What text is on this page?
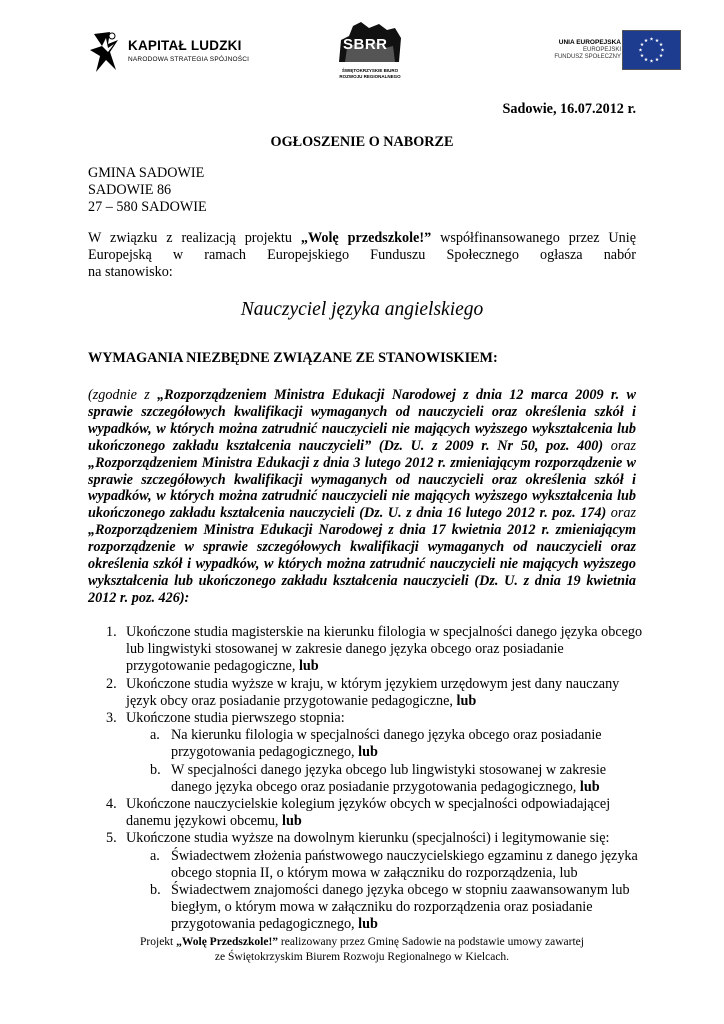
KAPITAŁ LUDZKI
NARODOWA STRATEGIA SPÓJNOŚCI
SBRR
ŚWIĘTOKRZYSKIE BIURO
ROZWOJU REGIONALNEGO
UNIA EUROPEJSKA
EUROPEJSKI
FUNDUSZ SPOŁECZNY
Sadowie, 16.07.2012 r.
OGŁOSZENIE O NABORZE
GMINA SADOWIE
SADOWIE 86
27 – 580 SADOWIE
W związku z realizacją projektu „Wolę przedszkole!” współfinansowanego przez Unię Europejską w ramach Europejskiego Funduszu Społecznego ogłasza nabór
na stanowisko:
Nauczyciel języka angielskiego
WYMAGANIA NIEZBĘDNE ZWIĄZANE ZE STANOWISKIEM:
(zgodnie z „Rozporządzeniem Ministra Edukacji Narodowej z dnia 12 marca 2009 r. w sprawie szczegółowych kwalifikacji wymaganych od nauczycieli oraz określenia szkół i wypadków, w których można zatrudnić nauczycieli nie mających wyższego wykształcenia lub ukończonego zakładu kształcenia nauczycieli” (Dz. U. z 2009 r. Nr 50, poz. 400) oraz „Rozporządzeniem Ministra Edukacji z dnia 3 lutego 2012 r. zmieniającym rozporządzenie w sprawie szczegółowych kwalifikacji wymaganych od nauczycieli oraz określenia szkół i wypadków, w których można zatrudnić nauczycieli nie mających wyższego wykształcenia lub ukończonego zakładu kształcenia nauczycieli (Dz. U. z dnia 16 lutego 2012 r. poz. 174) oraz „Rozporządzeniem Ministra Edukacji Narodowej z dnia 17 kwietnia 2012 r. zmieniającym rozporządzenie w sprawie szczegółowych kwalifikacji wymaganych od nauczycieli oraz określenia szkół i wypadków, w których można zatrudnić nauczycieli nie mających wyższego wykształcenia lub ukończonego zakładu kształcenia nauczycieli (Dz. U. z dnia 19 kwietnia 2012 r. poz. 426):
1. Ukończone studia magisterskie na kierunku filologia w specjalności danego języka obcego lub lingwistyki stosowanej w zakresie danego języka obcego oraz posiadanie przygotowanie pedagogiczne, lub
2. Ukończone studia wyższe w kraju, w którym językiem urzędowym jest dany nauczany język obcy oraz posiadanie przygotowanie pedagogiczne, lub
3. Ukończone studia pierwszego stopnia:
a. Na kierunku filologia w specjalności danego języka obcego oraz posiadanie przygotowania pedagogicznego, lub
b. W specjalności danego języka obcego lub lingwistyki stosowanej w zakresie danego języka obcego oraz posiadanie przygotowania pedagogicznego, lub
4. Ukończone nauczycielskie kolegium języków obcych w specjalności odpowiadającej danemu językowi obcemu, lub
5. Ukończone studia wyższe na dowolnym kierunku (specjalności) i legitymowanie się:
a. Świadectwem złożenia państwowego nauczycielskiego egzaminu z danego języka obcego stopnia II, o którym mowa w załączniku do rozporządzenia, lub
b. Świadectwem znajomości danego języka obcego w stopniu zaawansowanym lub biegłym, o którym mowa w załączniku do rozporządzenia oraz posiadanie przygotowania pedagogicznego, lub
Projekt „Wolę Przedszkole!” realizowany przez Gminę Sadowie na podstawie umowy zawartej
ze Świętokrzyskim Biurem Rozwoju Regionalnego w Kielcach.
